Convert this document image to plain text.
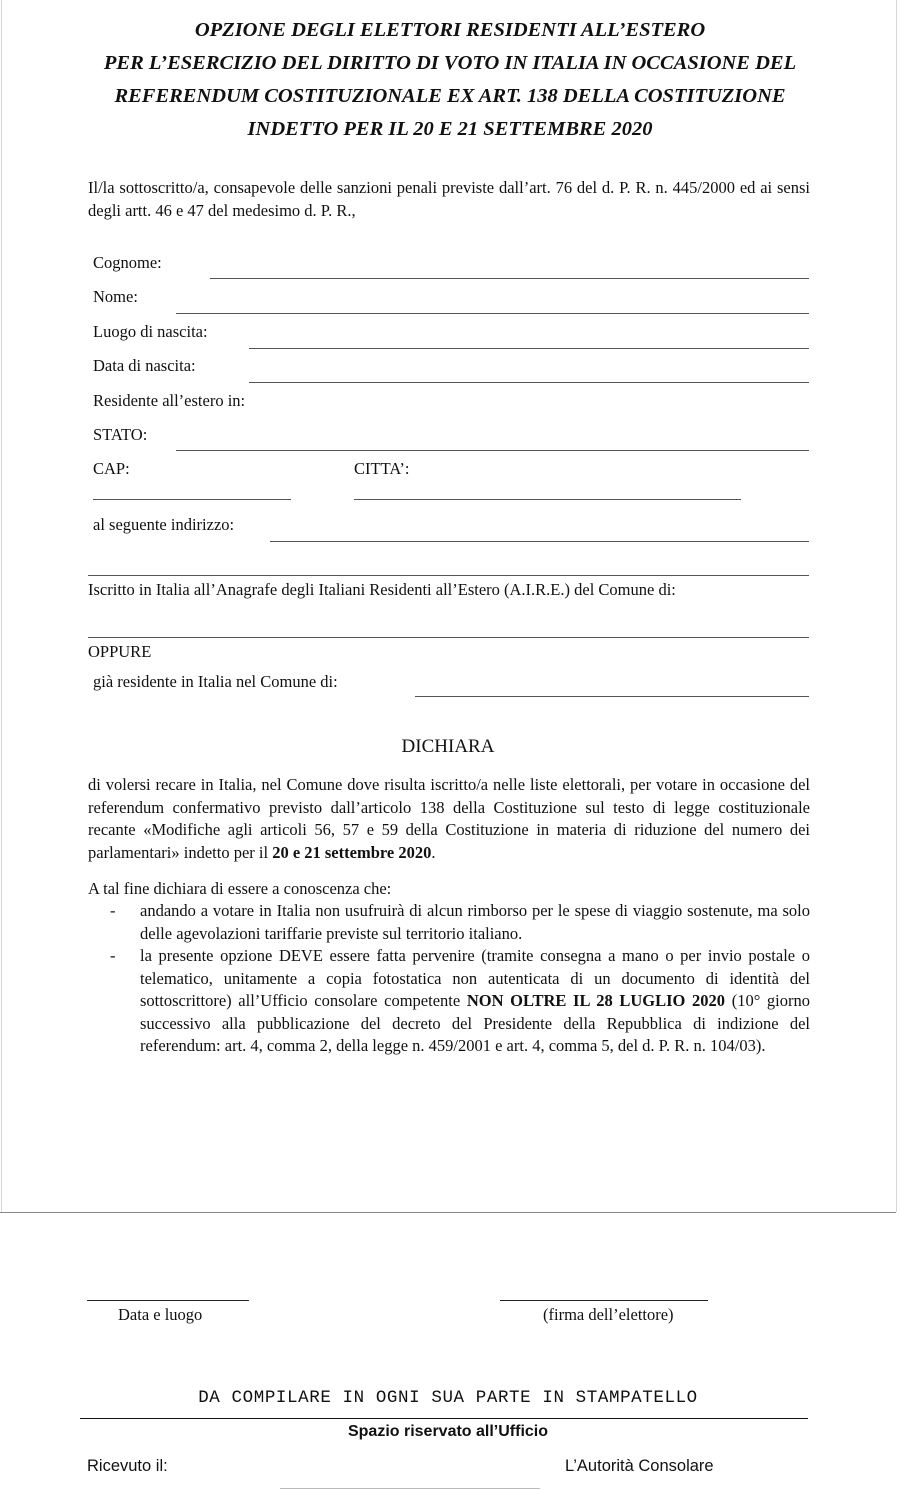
OPZIONE DEGLI ELETTORI RESIDENTI ALL’ESTERO
PER L’ESERCIZIO DEL DIRITTO DI VOTO IN ITALIA IN OCCASIONE DEL
REFERENDUM COSTITUZIONALE EX ART. 138 DELLA COSTITUZIONE
INDETTO PER IL 20 E 21 SETTEMBRE 2020
Il/la sottoscritto/a, consapevole delle sanzioni penali previste dall’art. 76 del d. P. R. n. 445/2000 ed ai sensi degli artt. 46 e 47 del medesimo d. P. R.,
Cognome:
Nome:
Luogo di nascita:
Data di nascita:
Residente all’estero in:
STATO:
CAP:	CITTA’:
al seguente indirizzo:
Iscritto in Italia all’Anagrafe degli Italiani Residenti all’Estero (A.I.R.E.) del Comune di:
OPPURE
già residente in Italia nel Comune di:
DICHIARA
di volersi recare in Italia, nel Comune dove risulta iscritto/a nelle liste elettorali, per votare in occasione del referendum confermativo previsto dall’articolo 138 della Costituzione sul testo di legge costituzionale recante «Modifiche agli articoli 56, 57 e 59 della Costituzione in materia di riduzione del numero dei parlamentari» indetto per il 20 e 21 settembre 2020.
A tal fine dichiara di essere a conoscenza che:
- andando a votare in Italia non usufruirà di alcun rimborso per le spese di viaggio sostenute, ma solo delle agevolazioni tariffarie previste sul territorio italiano.
- la presente opzione DEVE essere fatta pervenire (tramite consegna a mano o per invio postale o telematico, unitamente a copia fotostatica non autenticata di un documento di identità del sottoscrittore) all’Ufficio consolare competente NON OLTRE IL 28 LUGLIO 2020 (10° giorno successivo alla pubblicazione del decreto del Presidente della Repubblica di indizione del referendum: art. 4, comma 2, della legge n. 459/2001 e art. 4, comma 5, del d. P. R. n. 104/03).
Data e luogo	(firma dell’elettore)
DA COMPILARE IN OGNI SUA PARTE IN STAMPATELLO
Spazio riservato all’Ufficio
Ricevuto il:	L’Autorità Consolare
